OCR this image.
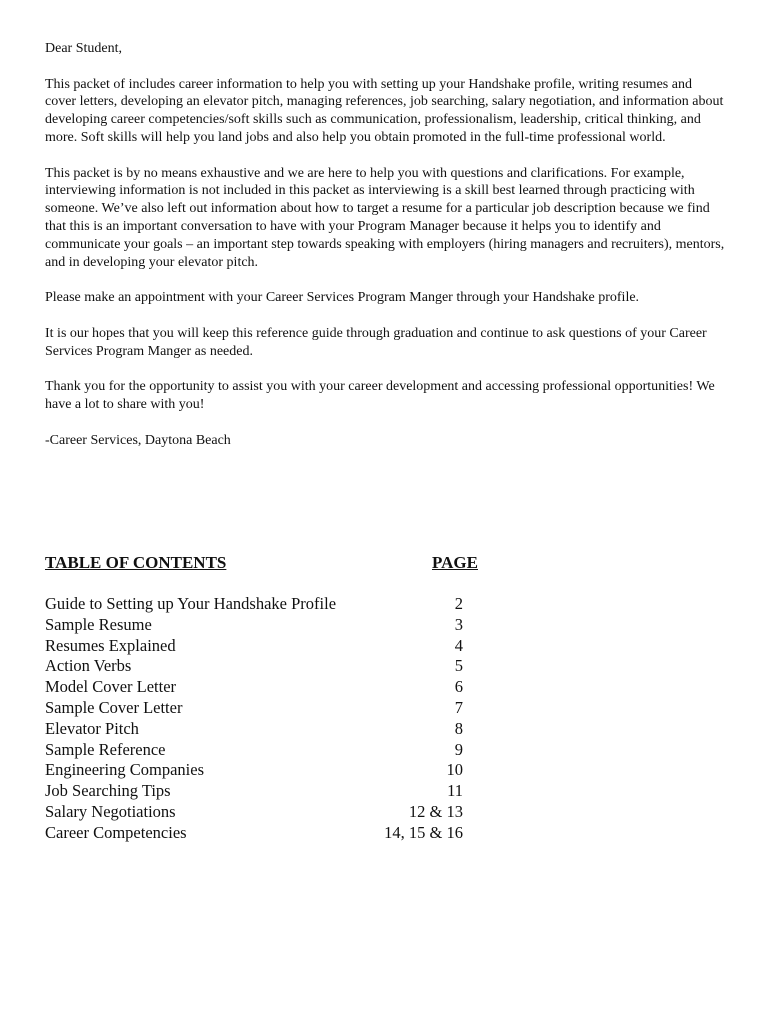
Dear Student,

This packet of includes career information to help you with setting up your Handshake profile, writing resumes and cover letters, developing an elevator pitch, managing references, job searching, salary negotiation, and information about developing career competencies/soft skills such as communication, professionalism, leadership, critical thinking, and more. Soft skills will help you land jobs and also help you obtain promoted in the full-time professional world.

This packet is by no means exhaustive and we are here to help you with questions and clarifications. For example, interviewing information is not included in this packet as interviewing is a skill best learned through practicing with someone. We’ve also left out information about how to target a resume for a particular job description because we find that this is an important conversation to have with your Program Manager because it helps you to identify and communicate your goals – an important step towards speaking with employers (hiring managers and recruiters), mentors, and in developing your elevator pitch.

Please make an appointment with your Career Services Program Manger through your Handshake profile.

It is our hopes that you will keep this reference guide through graduation and continue to ask questions of your Career Services Program Manger as needed.

Thank you for the opportunity to assist you with your career development and accessing professional opportunities! We have a lot to share with you!

-Career Services, Daytona Beach

TABLE OF CONTENTS	PAGE
Guide to Setting up Your Handshake Profile	2
Sample Resume	3
Resumes Explained	4
Action Verbs	5
Model Cover Letter	6
Sample Cover Letter	7
Elevator Pitch	8
Sample Reference	9
Engineering Companies	10
Job Searching Tips	11
Salary Negotiations	12 & 13
Career Competencies	14, 15 & 16
